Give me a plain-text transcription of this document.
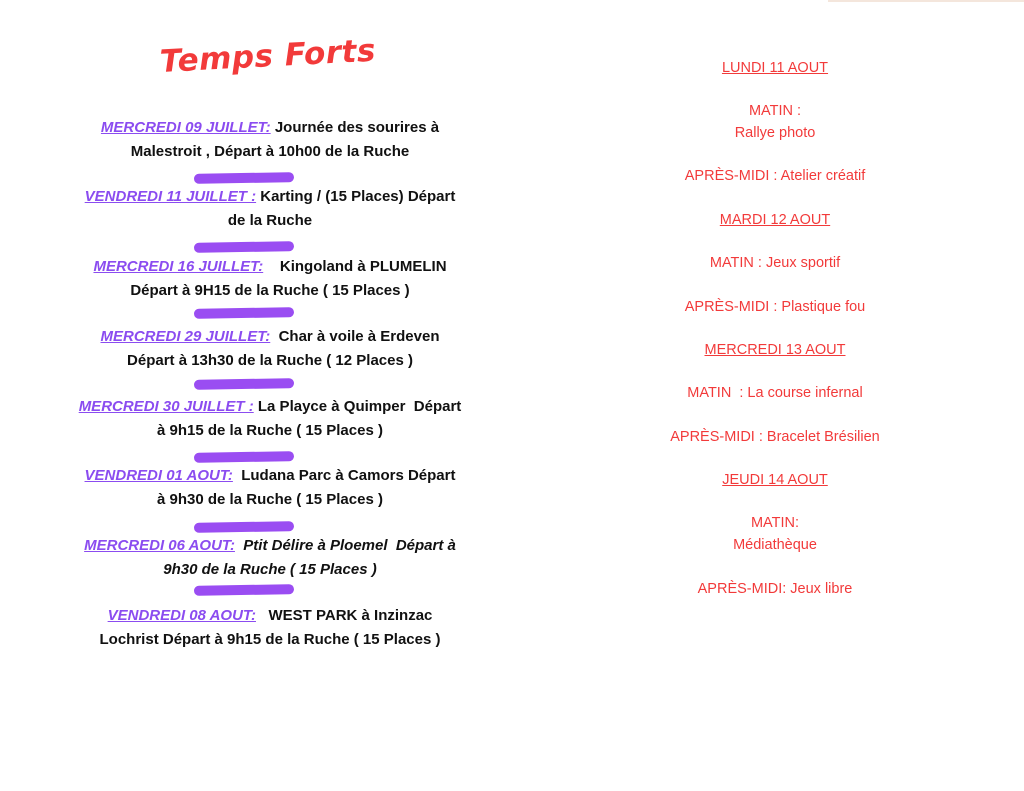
Temps Forts
MERCREDI 09 JUILLET: Journée des sourires à
Malestroit , Départ à 10h00 de la Ruche
VENDREDI 11 JUILLET : Karting / (15 Places) Départ
de la Ruche
MERCREDI 16 JUILLET:    Kingoland à PLUMELIN
Départ à 9H15 de la Ruche ( 15 Places )
MERCREDI 29 JUILLET:  Char à voile à Erdeven
Départ à 13h30 de la Ruche ( 12 Places )
MERCREDI 30 JUILLET : La Playce à Quimper  Départ
à 9h15 de la Ruche ( 15 Places )
VENDREDI 01 AOUT:  Ludana Parc à Camors Départ
à 9h30 de la Ruche ( 15 Places )
MERCREDI 06 AOUT:  Ptit Délire à Ploemel  Départ à
9h30 de la Ruche ( 15 Places )
VENDREDI 08 AOUT:   WEST PARK à Inzinzac
Lochrist Départ à 9h15 de la Ruche ( 15 Places )
LUNDI 11 AOUT
MATIN :
Rallye photo
APRÈS-MIDI : Atelier créatif
MARDI 12 AOUT
MATIN : Jeux sportif
APRÈS-MIDI : Plastique fou
MERCREDI 13 AOUT
MATIN  : La course infernal
APRÈS-MIDI : Bracelet Brésilien
JEUDI 14 AOUT
MATIN:
Médiathèque
APRÈS-MIDI: Jeux libre
